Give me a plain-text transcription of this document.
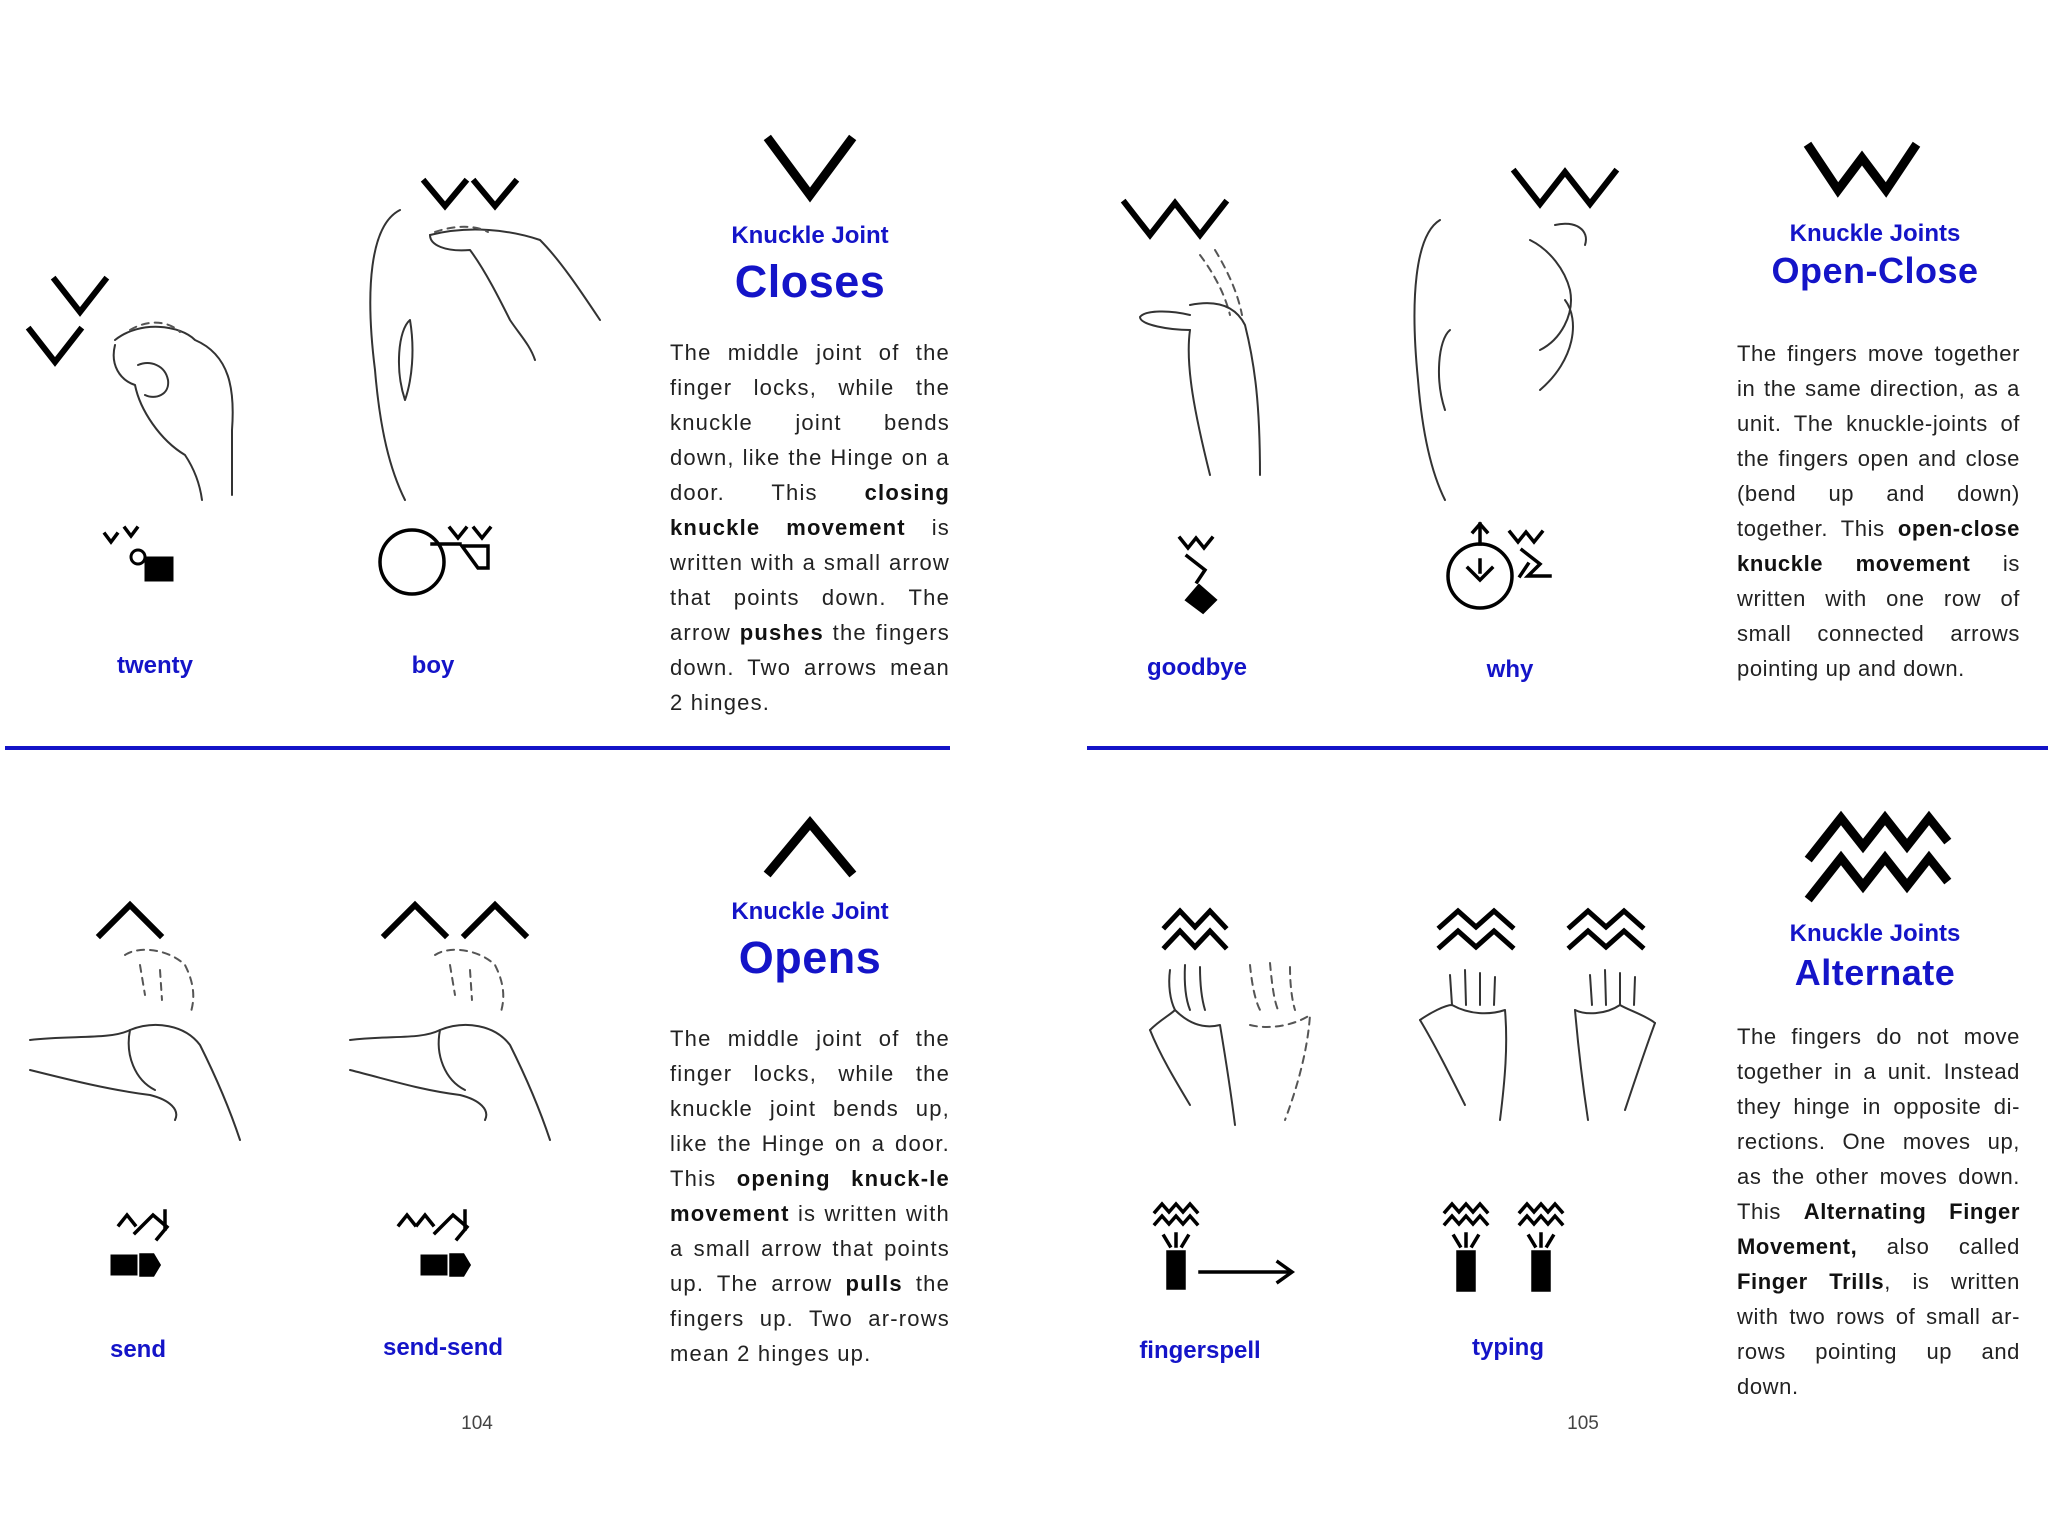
twenty	boy
Knuckle Joint
Closes
The middle joint of the finger locks, while the knuckle joint bends down, like the Hinge on a door. This closing knuckle movement is written with a small arrow that points down. The arrow pushes the fingers down. Two arrows mean 2 hinges.
send	send-send
Knuckle Joint
Opens
The middle joint of the finger locks, while the knuckle joint bends up, like the Hinge on a door. This opening knuck-le movement is written with a small arrow that points up. The arrow pulls the fingers up. Two ar-rows mean 2 hinges up.
104
goodbye	why
Knuckle Joints
Open-Close
The fingers move together in the same direction, as a unit. The knuckle-joints of the fingers open and close (bend up and down) together. This open-close knuckle movement is written with one row of small connected arrows pointing up and down.
fingerspell	typing
Knuckle Joints
Alternate
The fingers do not move together in a unit. Instead they hinge in opposite di-rections. One moves up, as the other moves down. This Alternating Finger Movement, also called Finger Trills, is written with two rows of small ar-rows pointing up and down.
105
